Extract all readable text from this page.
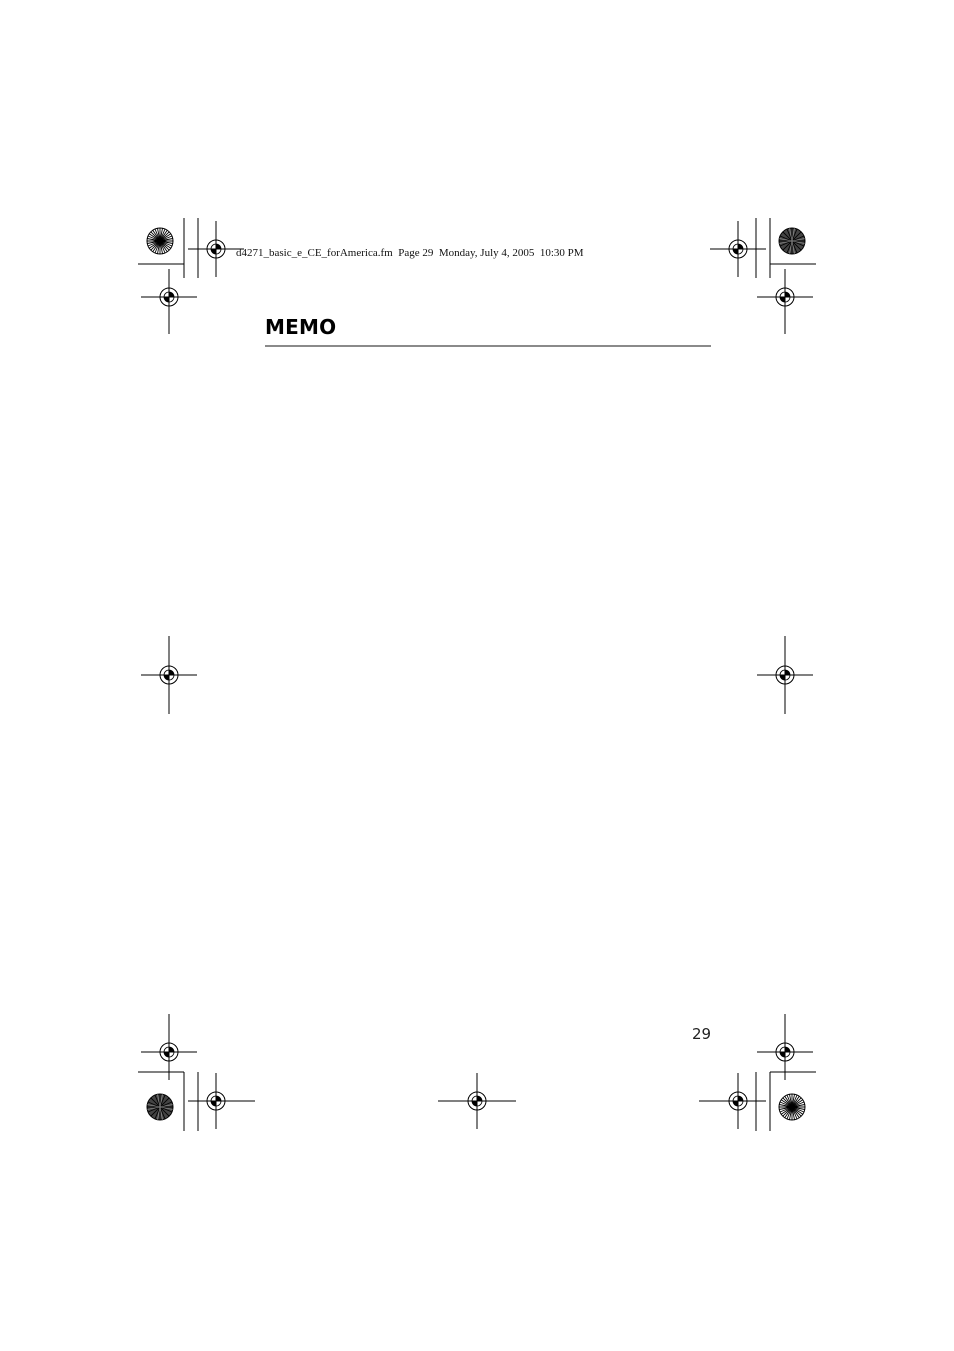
d4271_basic_e_CE_forAmerica.fm  Page 29  Monday, July 4, 2005  10:30 PM
MEMO
29
